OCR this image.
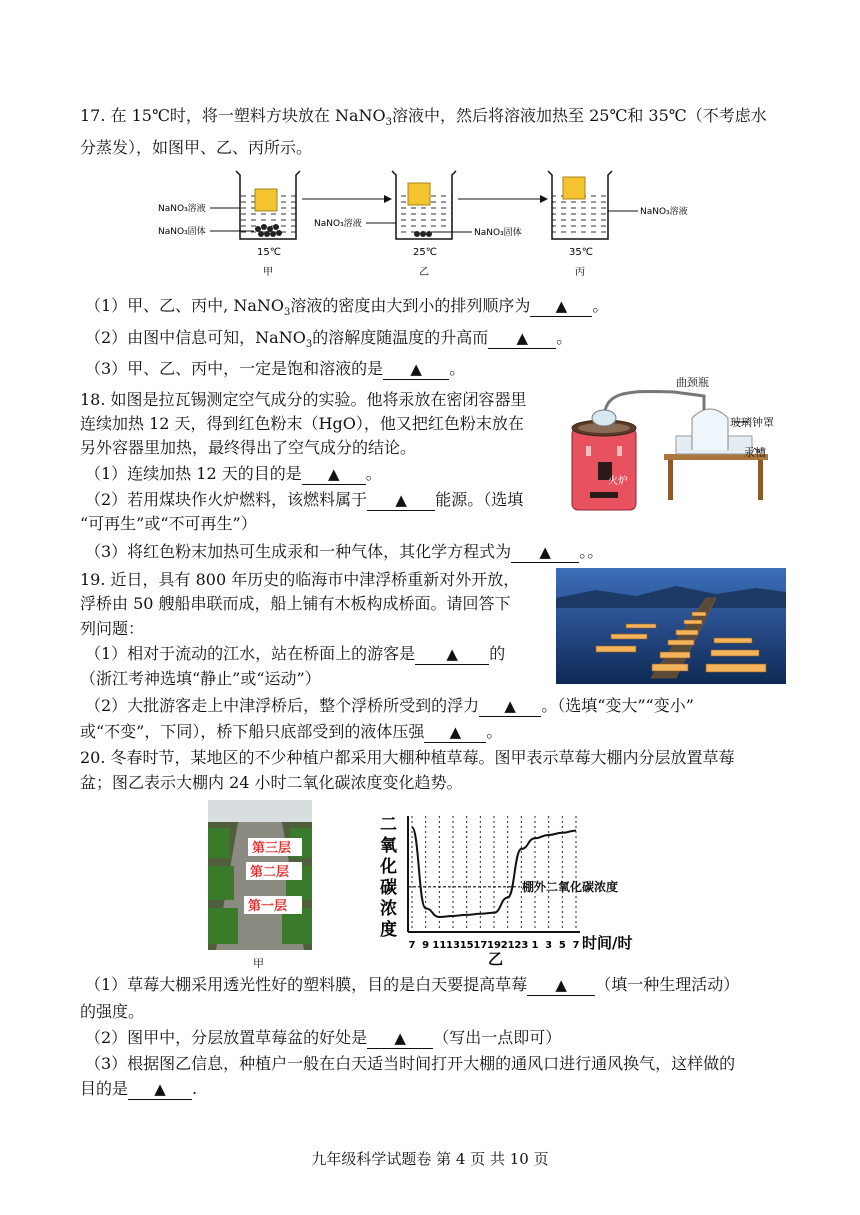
17. 在 15℃时，将一塑料方块放在 NaNO$_3$溶液中，然后将溶液加热至 25℃和 35℃（不考虑水
分蒸发），如图甲、乙、丙所示。
NaNO₃溶液
NaNO₃固体
NaNO₃溶液
NaNO₃固体
NaNO₃溶液
15℃	25℃	35℃
甲	乙	丙
（1）甲、乙、丙中, NaNO$_3$溶液的密度由大到小的排列顺序为 ▲ 。
（2）由图中信息可知，NaNO$_3$的溶解度随温度的升高而 ▲ 。
（3）甲、乙、丙中，一定是饱和溶液的是 ▲ 。
18. 如图是拉瓦锡测定空气成分的实验。他将汞放在密闭容器里
连续加热 12 天，得到红色粉末（HgO），他又把红色粉末放在
另外容器里加热，最终得出了空气成分的结论。
（1）连续加热 12 天的目的是 ▲ 。
（2）若用煤块作火炉燃料，该燃料属于 ▲ 能源。（选填
“可再生”或“不可再生”）
（3）将红色粉末加热可生成汞和一种气体，其化学方程式为 ▲ 。。
火炉
曲颈瓶
玻璃钟罩
汞槽
19. 近日，具有 800 年历史的临海市中津浮桥重新对外开放，
浮桥由 50 艘船串联而成，船上铺有木板构成桥面。请回答下
列问题：
（1）相对于流动的江水，站在桥面上的游客是 ▲ 的
（浙江考神选填“静止”或“运动”）
（2）大批游客走上中津浮桥后，整个浮桥所受到的浮力 ▲ 。（选填“变大”“变小”
或“不变”，下同），桥下船只底部受到的液体压强 ▲ 。
20. 冬春时节，某地区的不少种植户都采用大棚种植草莓。图甲表示草莓大棚内分层放置草莓
盆；图乙表示大棚内 24 小时二氧化碳浓度变化趋势。
第三层
第二层
第一层
甲
二
氧
化
碳
浓
度
7 9 11 13 15 17 19 21 23 1 3 5 7
棚外二氧化碳浓度
时间/时
乙
（1）草莓大棚采用透光性好的塑料膜，目的是白天要提高草莓 ▲ （填一种生理活动）
的强度。
（2）图甲中，分层放置草莓盆的好处是 ▲ （写出一点即可）
（3）根据图乙信息，种植户一般在白天适当时间打开大棚的通风口进行通风换气，这样做的
目的是 ▲ .
九年级科学试题卷 第 4 页 共 10 页
